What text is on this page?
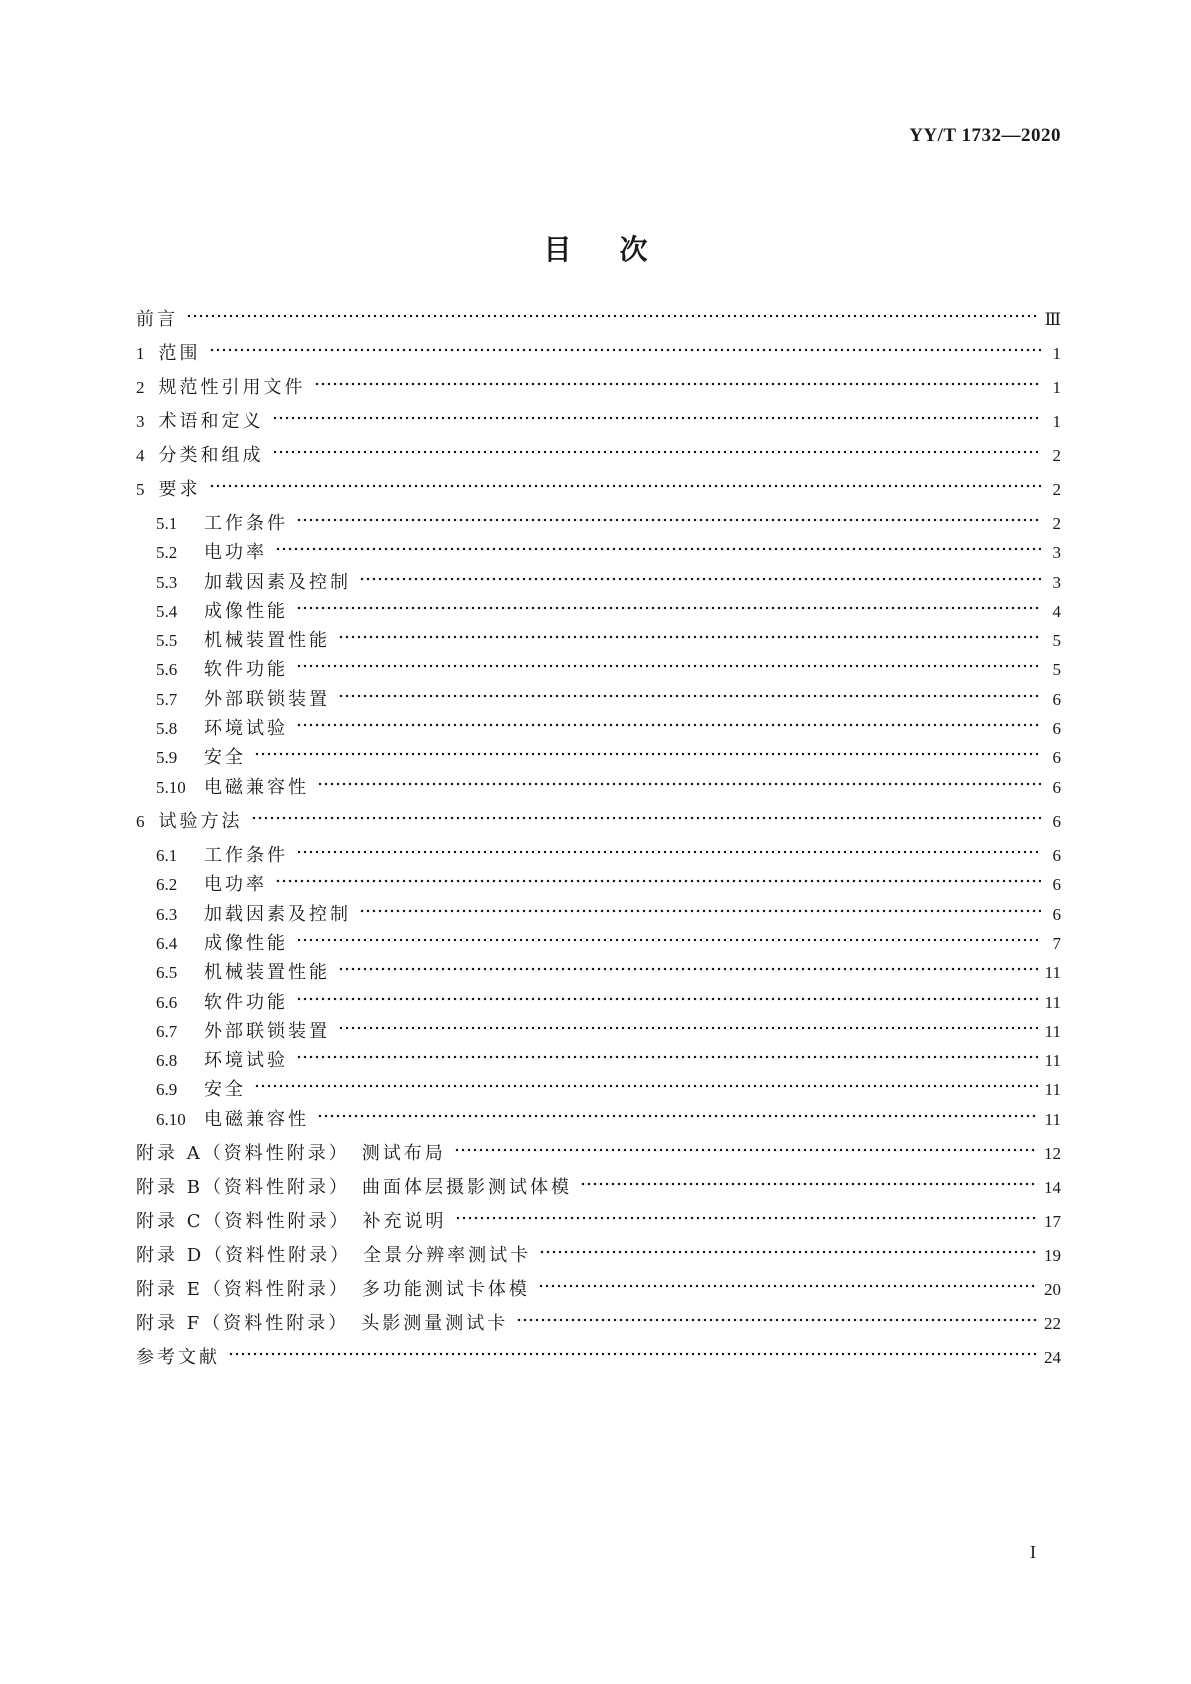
YY/T 1732—2020
目次
前言	Ⅲ
1 范围	1
2 规范性引用文件	1
3 术语和定义	1
4 分类和组成	2
5 要求	2
5.1	工作条件	2
5.2	电功率	3
5.3	加载因素及控制	3
5.4	成像性能	4
5.5	机械装置性能	5
5.6	软件功能	5
5.7	外部联锁装置	6
5.8	环境试验	6
5.9	安全	6
5.10 电磁兼容性	6
6 试验方法	6
6.1	工作条件	6
6.2	电功率	6
6.3	加载因素及控制	6
6.4	成像性能	7
6.5	机械装置性能	11
6.6	软件功能	11
6.7	外部联锁装置	11
6.8	环境试验	11
6.9	安全	11
6.10 电磁兼容性	11
附录 A（资料性附录）　测试布局	12
附录 B（资料性附录）　曲面体层摄影测试体模	14
附录 C（资料性附录）　补充说明	17
附录 D（资料性附录）　全景分辨率测试卡	19
附录 E（资料性附录）　多功能测试卡体模	20
附录 F（资料性附录）　头影测量测试卡	22
参考文献	24
I
